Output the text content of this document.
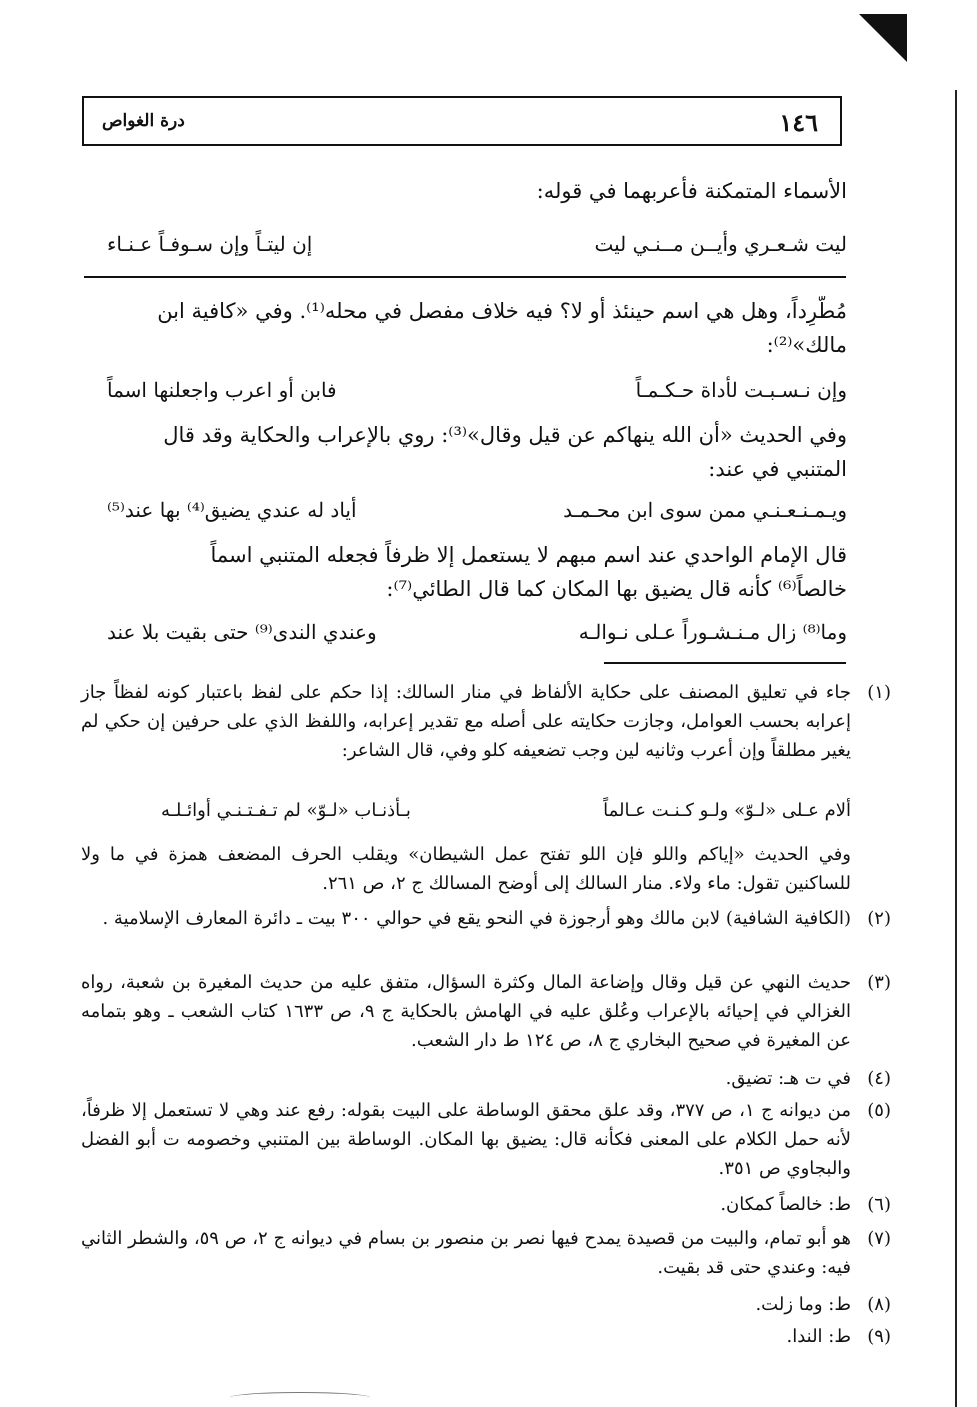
١٤٦
درة الغواص
الأسماء المتمكنة فأعربهما في قوله:
ليت شـعـري وأيــن مــنـي ليت
إن ليتـاً وإن سـوفـاً عـنـاء
مُطَّرِداً، وهل هي اسم حينئذ أو لا؟ فيه خلاف مفصل في محله⁽¹⁾. وفي «كافية ابن
مالك»⁽²⁾:
وإن نـسـبـت لأداة حـكـمـاً
فابن أو اعرب واجعلنها اسماً
وفي الحديث «أن الله ينهاكم عن قيل وقال»⁽³⁾: روي بالإعراب والحكاية وقد قال
المتنبي في عند:
ويـمـنـعـنـي ممن سوى ابن محـمـد
أياد له عندي يضيق⁽⁴⁾ بها عند⁽⁵⁾
قال الإمام الواحدي عند اسم مبهم لا يستعمل إلا ظرفاً فجعله المتنبي اسماً
خالصاً⁽⁶⁾ كأنه قال يضيق بها المكان كما قال الطائي⁽⁷⁾:
وما⁽⁸⁾ زال مـنـشـوراً عـلى نـوالـه
وعندي الندى⁽⁹⁾ حتى بقيت بلا عند
(١)
جاء في تعليق المصنف على حكاية الألفاظ في منار السالك: إذا حكم على لفظ باعتبار كونه لفظاً جاز إعرابه بحسب العوامل، وجازت حكايته على أصله مع تقدير إعرابه، واللفظ الذي على حرفين إن حكي لم يغير مطلقاً وإن أعرب وثانيه لين وجب تضعيفه كلو وفي، قال الشاعر:
ألام عـلى «لـوّ» ولـو كـنـت عـالماً
بـأذنـاب «لـوّ» لم تـفـتـنـي أوائـلـه
وفي الحديث «إياكم واللو فإن اللو تفتح عمل الشيطان» ويقلب الحرف المضعف همزة في ما ولا للساكنين تقول: ماء ولاء. منار السالك إلى أوضح المسالك ج ٢، ص ٢٦١.
(٢)
(الكافية الشافية) لابن مالك وهو أرجوزة في النحو يقع في حوالي ٣٠٠ بيت ـ دائرة المعارف الإسلامية .
(٣)
حديث النهي عن قيل وقال وإضاعة المال وكثرة السؤال، متفق عليه من حديث المغيرة بن شعبة، رواه الغزالي في إحيائه بالإعراب وعُلق عليه في الهامش بالحكاية ج ٩، ص ١٦٣٣ كتاب الشعب ـ وهو بتمامه عن المغيرة في صحيح البخاري ج ٨، ص ١٢٤ ط دار الشعب.
(٤)
في ت هـ: تضيق.
(٥)
من ديوانه ج ١، ص ٣٧٧، وقد علق محقق الوساطة على البيت بقوله: رفع عند وهي لا تستعمل إلا ظرفاً، لأنه حمل الكلام على المعنى فكأنه قال: يضيق بها المكان. الوساطة بين المتنبي وخصومه ت أبو الفضل والبجاوي ص ٣٥١.
(٦)
ط: خالصاً كمكان.
(٧)
هو أبو تمام، والبيت من قصيدة يمدح فيها نصر بن منصور بن بسام في ديوانه ج ٢، ص ٥٩، والشطر الثاني فيه: وعندي حتى قد بقيت.
(٨)
ط: وما زلت.
(٩)
ط: الندا.
